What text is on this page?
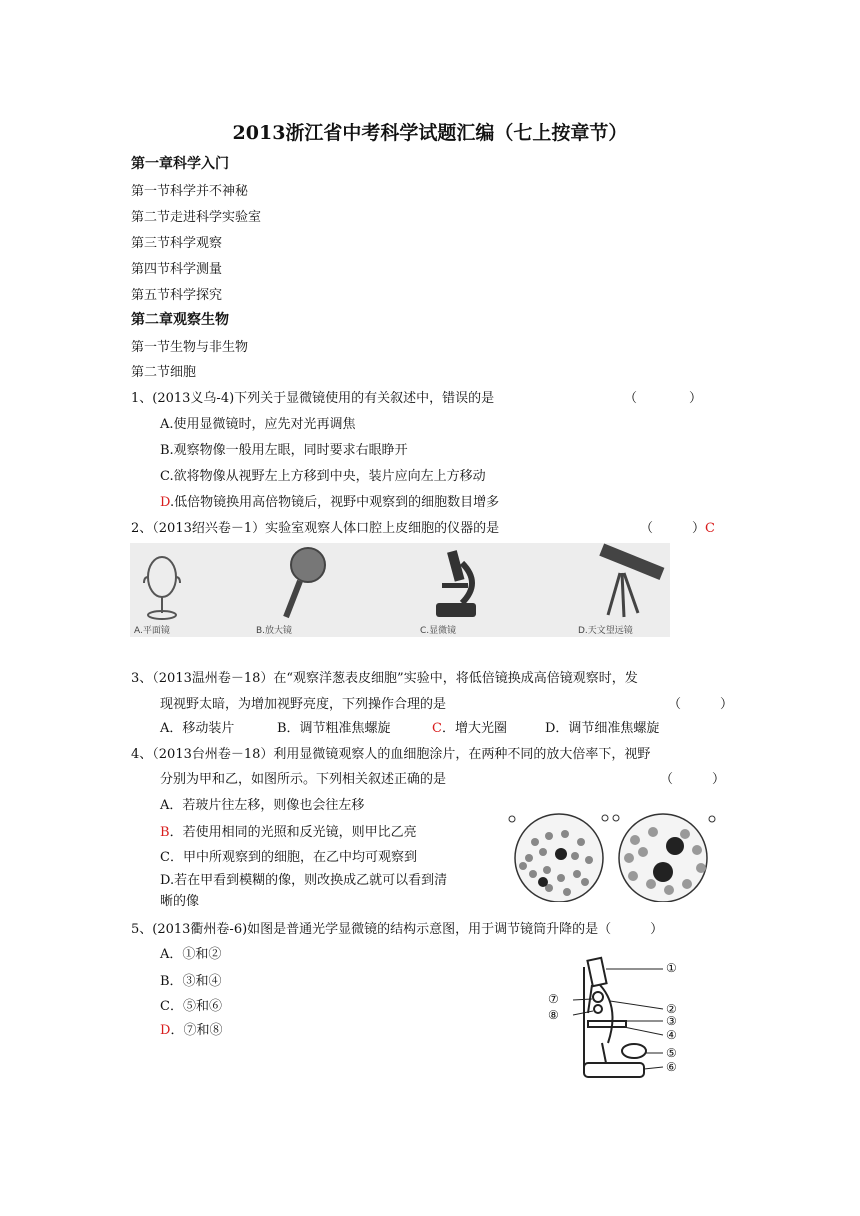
2013浙江省中考科学试题汇编（七上按章节）
第一章科学入门
第一节科学并不神秘
第二节走进科学实验室
第三节科学观察
第四节科学测量
第五节科学探究
第二章观察生物
第一节生物与非生物
第二节细胞
1、(2013义乌-4)下列关于显微镜使用的有关叙述中，错误的是	（　　　　）
A.使用显微镜时，应先对光再调焦
B.观察物像一般用左眼，同时要求右眼睁开
C.欲将物像从视野左上方移到中央，装片应向左上方移动
D.低倍物镜换用高倍物镜后，视野中观察到的细胞数目增多
2、（2013绍兴卷－1）实验室观察人体口腔上皮细胞的仪器的是	（　　　）C
A.平面镜	B.放大镜	C.显微镜	D.天文望远镜
3、（2013温州卷－18）在“观察洋葱表皮细胞”实验中，将低倍镜换成高倍镜观察时，发
现视野太暗，为增加视野亮度，下列操作合理的是	（　　　）
A．移动装片	B．调节粗准焦螺旋	C．增大光圈	D．调节细准焦螺旋
4、（2013台州卷－18）利用显微镜观察人的血细胞涂片，在两种不同的放大倍率下，视野
分别为甲和乙，如图所示。下列相关叙述正确的是	（　　　）
A．若玻片往左移，则像也会往左移
B．若使用相同的光照和反光镜，则甲比乙亮
C．甲中所观察到的细胞，在乙中均可观察到
D.若在甲看到模糊的像，则改换成乙就可以看到清
晰的像
5、(2013衢州卷-6)如图是普通光学显微镜的结构示意图，用于调节镜筒升降的是（　　　）
A．①和②
B．③和④
C．⑤和⑥
D．⑦和⑧
①
⑦
⑧	②
③
④
⑤
⑥
